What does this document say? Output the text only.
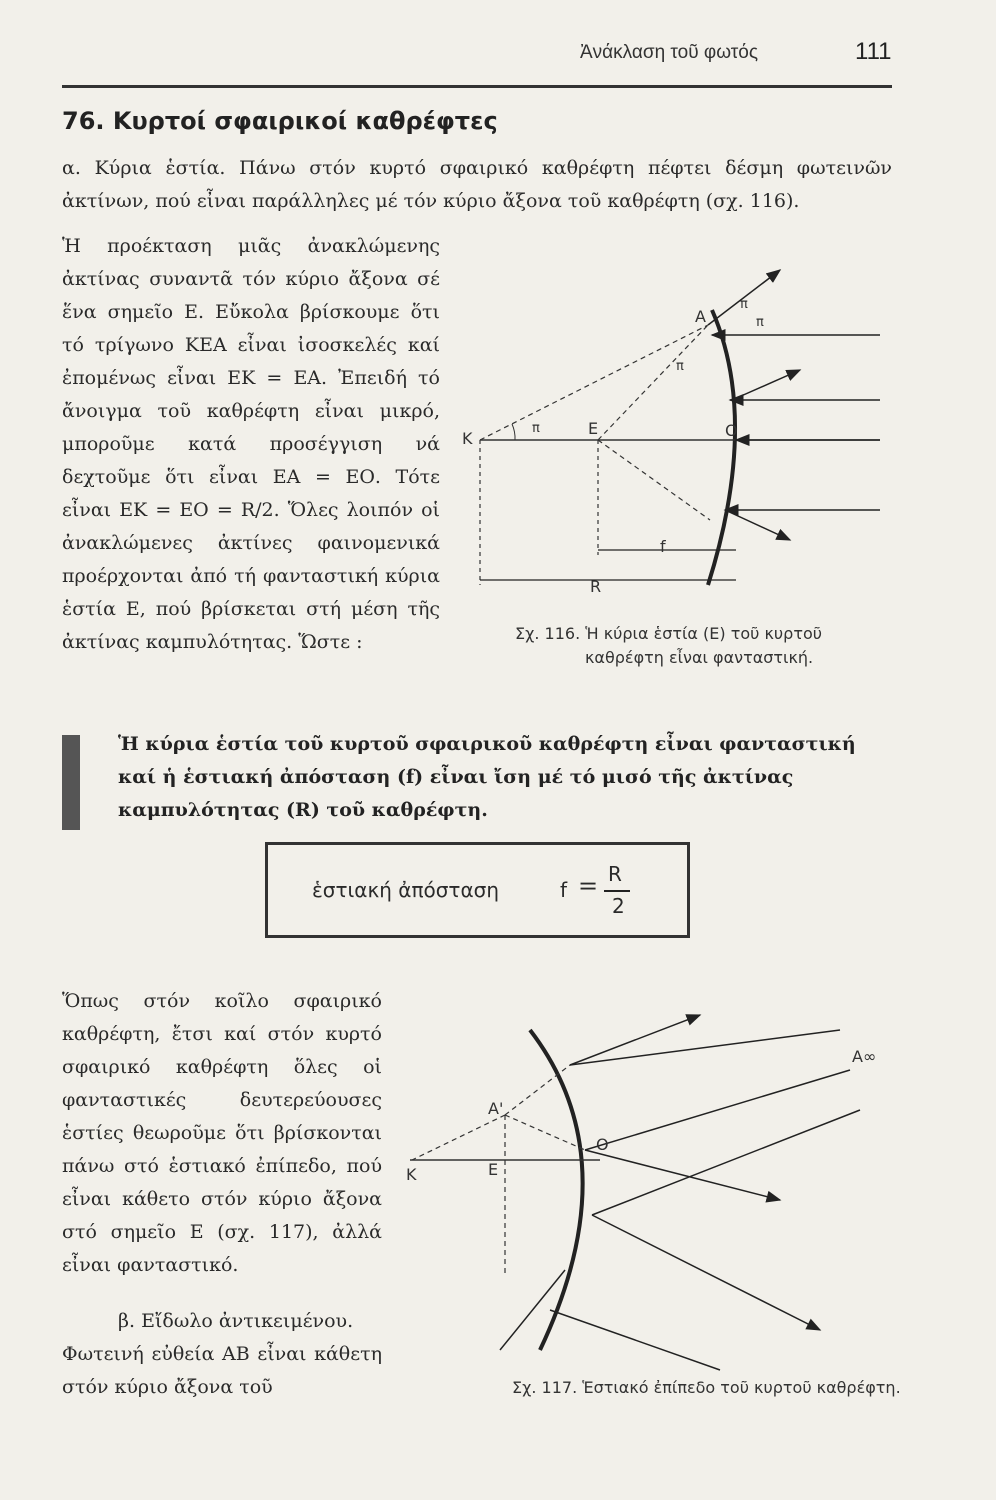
Ἀνάκλαση τοῦ φωτός	111
76. Κυρτοί σφαιρικοί καθρέφτες
α. Κύρια ἑστία. Πάνω στόν κυρτό σφαιρικό καθρέφτη πέφτει δέσμη φωτεινῶν ἀκτίνων, πού εἶναι παράλληλες μέ τόν κύριο ἄξονα τοῦ καθρέφτη (σχ. 116).
Ἡ προέκταση μιᾶς ἀνακλώμενης ἀκτίνας συναντᾶ τόν κύριο ἄξονα σέ ἕνα σημεῖο Ε. Εὔκολα βρίσκουμε ὅτι τό τρίγωνο ΚΕΑ εἶναι ἰσοσκελές καί ἐπομένως εἶναι ΕΚ = ΕΑ. Ἐπειδή τό ἄνοιγμα τοῦ καθρέφτη εἶναι μικρό, μποροῦμε κατά προσέγγιση νά δεχτοῦμε ὅτι εἶναι ΕΑ = ΕΟ. Τότε εἶναι ΕΚ = ΕΟ = R/2. Ὅλες λοιπόν οἱ ἀνακλώμενες ἀκτίνες φαινομενικά προέρχονται ἀπό τή φανταστική κύρια ἑστία Ε, πού βρίσκεται στή μέση τῆς ἀκτίνας καμπυλότητας. Ὥστε :
K
E	O
A
f
R
π
π
π
π
Σχ. 116. Ἡ κύρια ἑστία (Ε) τοῦ κυρτοῦ
καθρέφτη εἶναι φανταστική.
Ἡ κύρια ἑστία τοῦ κυρτοῦ σφαιρικοῦ καθρέφτη εἶναι φανταστική καί ἡ ἑστιακή ἀπόσταση (f) εἶναι ἴση μέ τό μισό τῆς ἀκτίνας καμπυλότητας (R) τοῦ καθρέφτη.
ἑστιακή ἀπόσταση	f = R
2
Ὅπως στόν κοῖλο σφαιρικό καθρέφτη, ἔτσι καί στόν κυρτό σφαιρικό καθρέφτη ὅλες οἱ φανταστικές δευτερεύουσες ἑστίες θεωροῦμε ὅτι βρίσκονται πάνω στό ἑστιακό ἐπίπεδο, πού εἶναι κάθετο στόν κύριο ἄξονα στό σημεῖο Ε (σχ. 117), ἀλλά εἶναι φανταστικό.
K	E
O
A'
A∞
β. Εἴδωλο ἀντικειμένου.
Φωτεινή εὐθεία ΑΒ εἶναι κάθετη στόν κύριο ἄξονα τοῦ	Σχ. 117. Ἑστιακό ἐπίπεδο τοῦ κυρτοῦ καθρέφτη.
